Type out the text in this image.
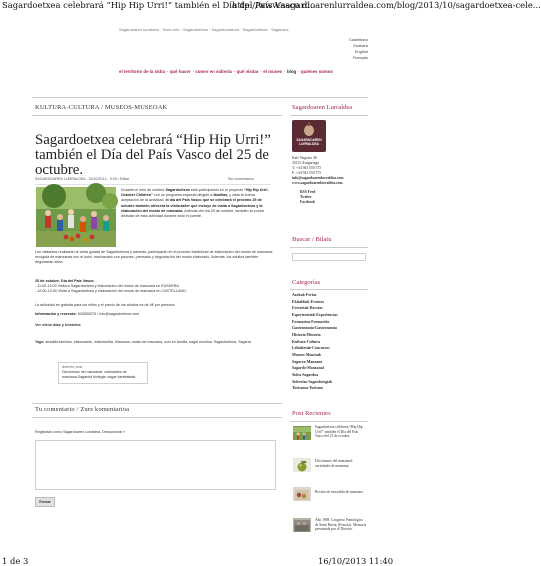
Sagardoetxea celebrará “Hip Hip Urri!” también el Día del País Vasco d...
http://www.sagardoarenlurraldea.com/blog/2013/10/sagardoetxea-cele...
Sagardoaren lurraldea · Testu info · Sagardoetxea · Sagardoolarrea · Sagardoetxea · Sagardoa
Castellano
Euskara
English
Français
el territorio de la sidra · qué hacer · comer en sidrería · qué visitar · el museo · blog · quiénes somos
KULTURA-CULTURA / MUSEOS-MUSEOAK
Sagardoetxea celebrará “Hip Hip Urri!” también el Día del País Vasco del 25 de octubre.
SAGARDOAREN LURRALDEA - 16/10/2013 - 9:39 • Editar	Sin comentarios
Durante el mes de octubre Sagardoetxea está participando en el proyecto “Hip Hip Urri!-October Children” con un programa especial dirigido a familias, y vista la buena aceptación de la actividad, el día del País Vasco que se celebrará el próximo 25 de octubre también ofrecerá la visita-taller que incluye de visita a Sagardoetxea y la elaboración del mosto de manzana. Además del día 25 de octubre, también se podrá disfrutar de esta actividad durante todo el puente.
Los visitantes realizarán la visita guiada de Sagardoetxea y además, participarán en el proceso tradicional de elaboración del mosto de manzana: recogida de manzanas con el kutxi, machacado con pisones, prensado y degustación del mosto elaborado. Además, los adultos también degustarán sidra.
25 de octubre. Día del País Vasco:
- 11:00-12:00 Visita a Sagardoetxea y elaboración del mosto de manzana en EUSKERA.
- 12:00-13:00 Visita a Sagardoetxea y elaboración del mosto de manzana en CASTELLANO.
La actividad es gratuita para los niños y el precio de los adultos es de 4€ por persona.
Información y reservas: 943550575 / info@sagardoetxea.com
Ver otros días y horarios
Tags: aisialdia familian, elaborazión, elaboraziña, Manzana, mosto de manzana, ocio en familia, sagar mostioa, Sagardoetxea, Sagarra
Anterior post
Diccionario del manzanal: variedades de manzana.Sagardoi hiztegia: sagar barietateak.
Tu comentario / Zure komentarioa
Registrado como Sagardoaren Lurraldea. Desconectar »
Enviar
Sagardoaren Lurraldea
SAGARDOAREN
LURRALDEA
Kale Nagusia 48
20115 Astigarraga
T: +34 943 550 575
F: +34 943 550 575
info@sagardoarenlurraldea.com
www.sagardoarenlurraldea.com
RSS Feed
Twitter
Facebook
Buscar / Bilatu
Categorías
Azokak-Ferias
Ekitaldiak-Eventos
Errezetak-Recetas
Esperientziak-Experiencias
Formazioa-Formación
Gastronomia-Gastronomía
Historia-Historia
Kultura-Cultura
Lehiaketak-Concursos
Museos-Museoak
Sagarra-Manzana
Sagardo-Manzanal
Sidra-Sagardoa
Sidrerías-Sagardotegiak
Turismoa-Turismo
Post Recientes
Sagardoetxea celebrará “Hip Hip Urri!” también el Día del País Vasco del 25 de octubre.
Diccionario del manzanal: variedades de manzana.
Revista de mosolada de manzana.
Año 1908. Congreso Pomologico de Saint Brieuc (Francia). Memoria presentada por el Director
1 de 3	16/10/2013 11:40
